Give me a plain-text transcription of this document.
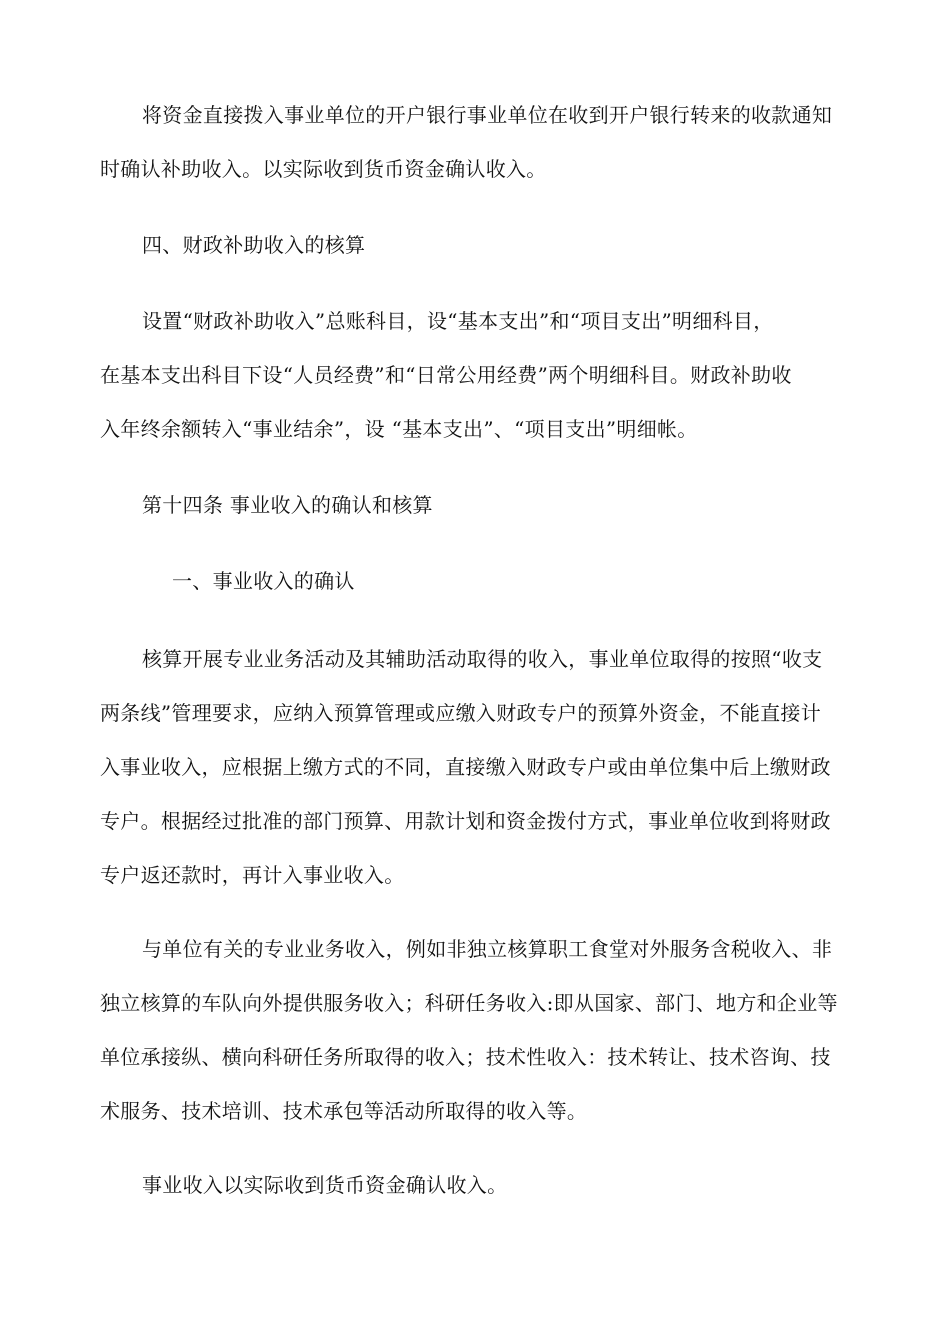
将资金直接拨入事业单位的开户银行事业单位在收到开户银行转来的收款通知
时确认补助收入。以实际收到货币资金确认收入。

四、财政补助收入的核算

设置“财政补助收入”总账科目，设“基本支出”和“项目支出”明细科目，
在基本支出科目下设“人员经费”和“日常公用经费”两个明细科目。财政补助收
入年终余额转入“事业结余”，设 “基本支出”、“项目支出”明细帐。

第十四条 事业收入的确认和核算

一、事业收入的确认

核算开展专业业务活动及其辅助活动取得的收入，事业单位取得的按照“收支
两条线”管理要求，应纳入预算管理或应缴入财政专户的预算外资金，不能直接计
入事业收入，应根据上缴方式的不同，直接缴入财政专户或由单位集中后上缴财政
专户。根据经过批准的部门预算、用款计划和资金拨付方式，事业单位收到将财政
专户返还款时，再计入事业收入。

与单位有关的专业业务收入，例如非独立核算职工食堂对外服务含税收入、非
独立核算的车队向外提供服务收入；科研任务收入:即从国家、部门、地方和企业等
单位承接纵、横向科研任务所取得的收入；技术性收入：技术转让、技术咨询、技
术服务、技术培训、技术承包等活动所取得的收入等。

事业收入以实际收到货币资金确认收入。
